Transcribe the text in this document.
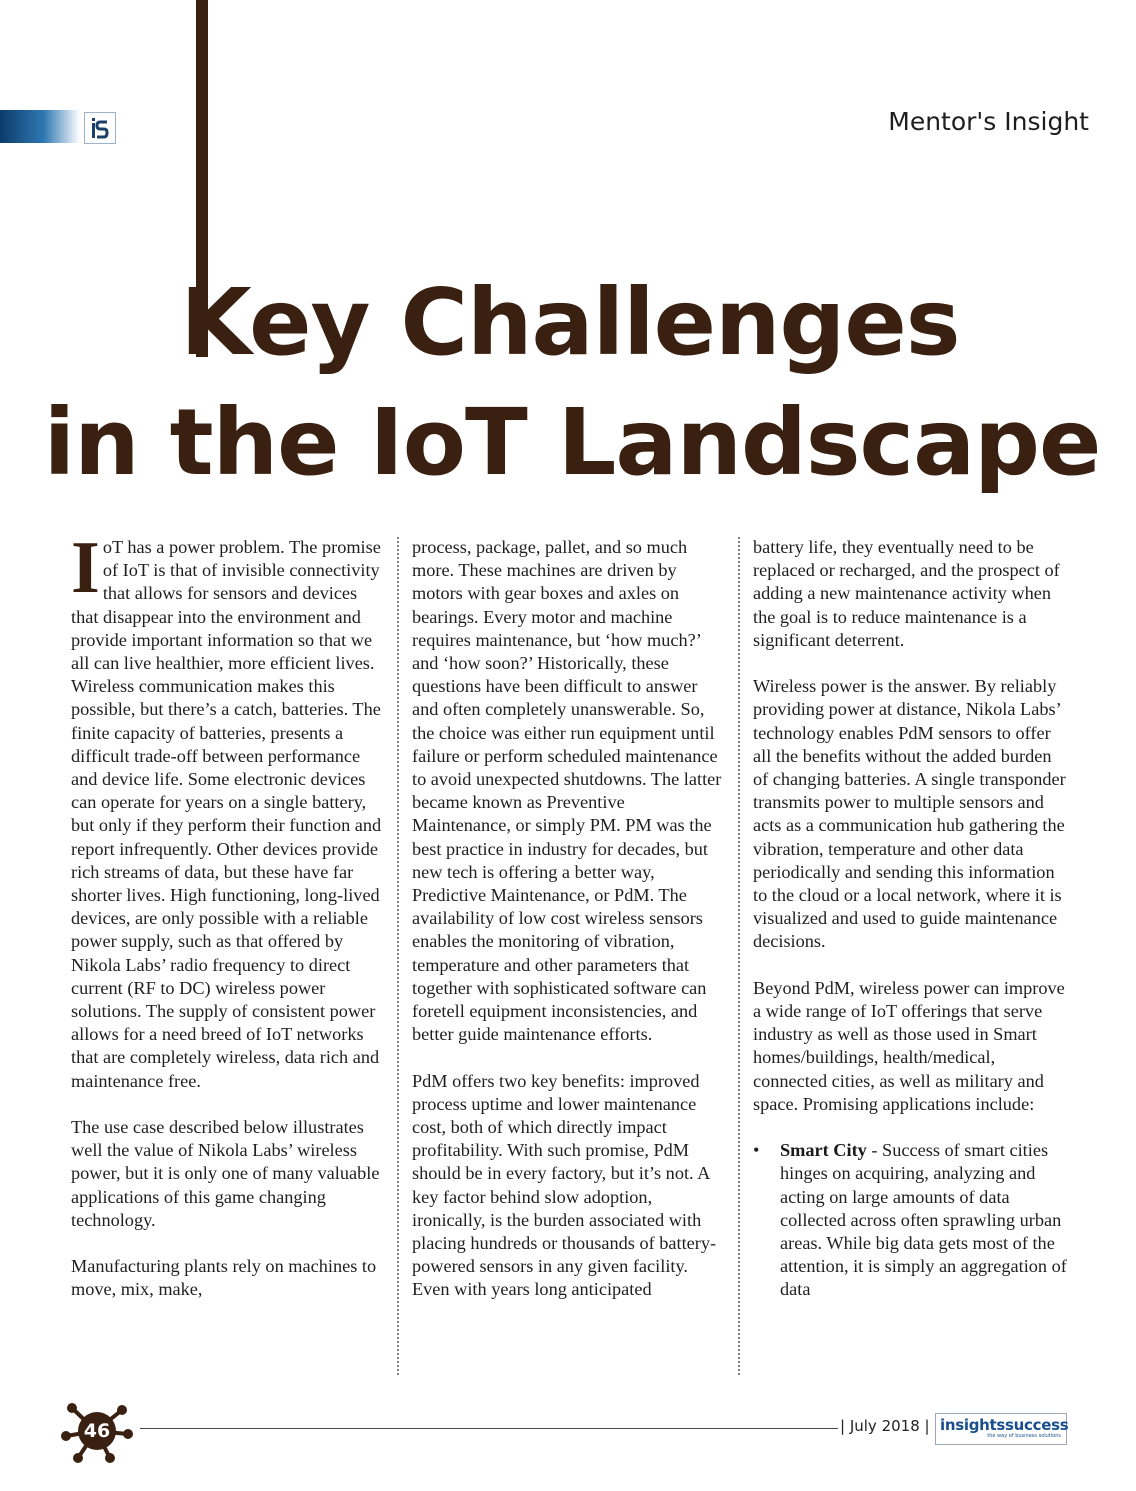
Mentor's Insight
Key Challenges
in the IoT Landscape

IoT has a power problem. The promise of IoT is that of invisible connectivity that allows for sensors and devices that disappear into the environment and provide important information so that we all can live healthier, more efficient lives. Wireless communication makes this possible, but there’s a catch, batteries. The finite capacity of batteries, presents a difficult trade-off between performance and device life. Some electronic devices can operate for years on a single battery, but only if they perform their function and report infrequently. Other devices provide rich streams of data, but these have far shorter lives. High functioning, long-lived devices, are only possible with a reliable power supply, such as that offered by Nikola Labs’ radio frequency to direct current (RF to DC) wireless power solutions. The supply of consistent power allows for a need breed of IoT networks that are completely wireless, data rich and maintenance free.

The use case described below illustrates well the value of Nikola Labs’ wireless power, but it is only one of many valuable applications of this game changing technology.

Manufacturing plants rely on machines to move, mix, make,

process, package, pallet, and so much more. These machines are driven by motors with gear boxes and axles on bearings. Every motor and machine requires maintenance, but ‘how much?’ and ‘how soon?’ Historically, these questions have been difficult to answer and often completely unanswerable. So, the choice was either run equipment until failure or perform scheduled maintenance to avoid unexpected shutdowns. The latter became known as Preventive Maintenance, or simply PM. PM was the best practice in industry for decades, but new tech is offering a better way, Predictive Maintenance, or PdM. The availability of low cost wireless sensors enables the monitoring of vibration, temperature and other parameters that together with sophisticated software can foretell equipment inconsistencies, and better guide maintenance efforts.

PdM offers two key benefits: improved process uptime and lower maintenance cost, both of which directly impact profitability. With such promise, PdM should be in every factory, but it’s not. A key factor behind slow adoption, ironically, is the burden associated with placing hundreds or thousands of battery-powered sensors in any given facility. Even with years long anticipated

battery life, they eventually need to be replaced or recharged, and the prospect of adding a new maintenance activity when the goal is to reduce maintenance is a significant deterrent.

Wireless power is the answer. By reliably providing power at distance, Nikola Labs’ technology enables PdM sensors to offer all the benefits without the added burden of changing batteries. A single transponder transmits power to multiple sensors and acts as a communication hub gathering the vibration, temperature and other data periodically and sending this information to the cloud or a local network, where it is visualized and used to guide maintenance decisions.

Beyond PdM, wireless power can improve a wide range of IoT offerings that serve industry as well as those used in Smart homes/buildings, health/medical, connected cities, as well as military and space. Promising applications include:

• Smart City - Success of smart cities hinges on acquiring, analyzing and acting on large amounts of data collected across often sprawling urban areas. While big data gets most of the attention, it is simply an aggregation of data
46	| July 2018 | insightssuccess
the way of business solutions
